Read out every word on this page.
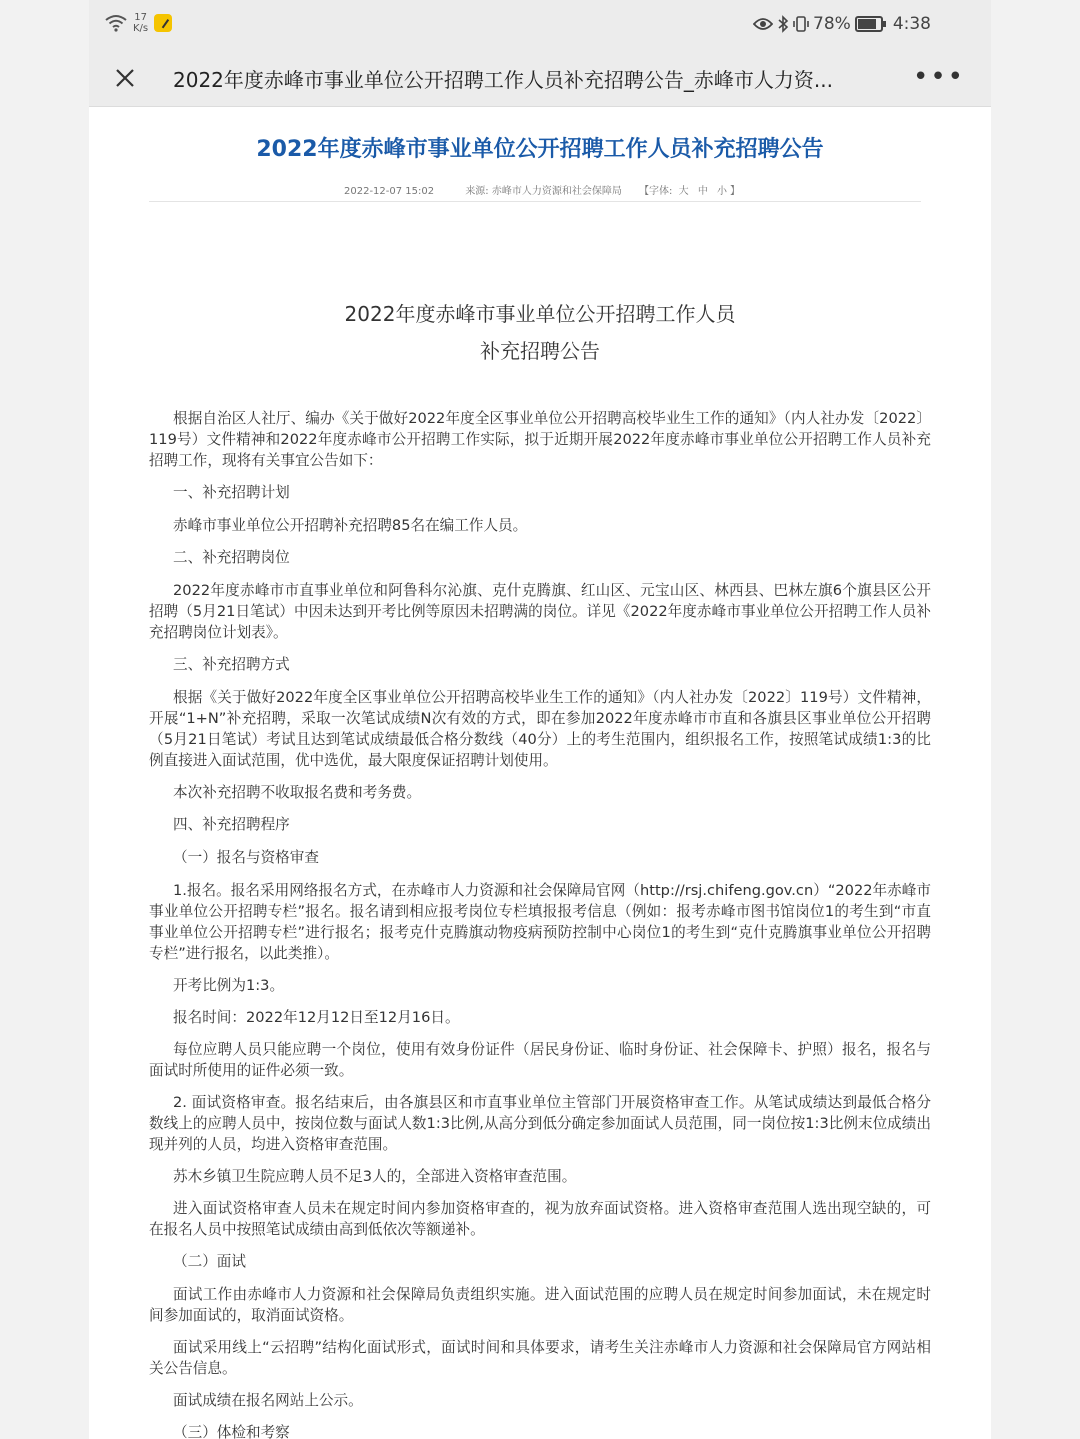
17
K/s	78% 4:38
2022年度赤峰市事业单位公开招聘工作人员补充招聘公告_赤峰市人力资...	•••
2022年度赤峰市事业单位公开招聘工作人员补充招聘公告
2022-12-07 15:02	来源: 赤峰市人力资源和社会保障局 【字体: 大 中 小 】
2022年度赤峰市事业单位公开招聘工作人员
补充招聘公告

根据自治区人社厅、编办《关于做好2022年度全区事业单位公开招聘高校毕业生工作的通知》（内人社办发〔2022〕119号）文件精神和2022年度赤峰市公开招聘工作实际，拟于近期开展2022年度赤峰市事业单位公开招聘工作人员补充招聘工作，现将有关事宜公告如下：

一、补充招聘计划

赤峰市事业单位公开招聘补充招聘85名在编工作人员。

二、补充招聘岗位

2022年度赤峰市市直事业单位和阿鲁科尔沁旗、克什克腾旗、红山区、元宝山区、林西县、巴林左旗6个旗县区公开招聘（5月21日笔试）中因未达到开考比例等原因未招聘满的岗位。详见《2022年度赤峰市事业单位公开招聘工作人员补充招聘岗位计划表》。

三、补充招聘方式

根据《关于做好2022年度全区事业单位公开招聘高校毕业生工作的通知》（内人社办发〔2022〕119号）文件精神，开展“1+N”补充招聘，采取一次笔试成绩N次有效的方式，即在参加2022年度赤峰市市直和各旗县区事业单位公开招聘（5月21日笔试）考试且达到笔试成绩最低合格分数线（40分）上的考生范围内，组织报名工作，按照笔试成绩1:3的比例直接进入面试范围，优中选优，最大限度保证招聘计划使用。

本次补充招聘不收取报名费和考务费。

四、补充招聘程序

（一）报名与资格审查

1.报名。报名采用网络报名方式，在赤峰市人力资源和社会保障局官网（http://rsj.chifeng.gov.cn）“2022年赤峰市事业单位公开招聘专栏”报名。报名请到相应报考岗位专栏填报报考信息（例如：报考赤峰市图书馆岗位1的考生到“市直事业单位公开招聘专栏”进行报名；报考克什克腾旗动物疫病预防控制中心岗位1的考生到“克什克腾旗事业单位公开招聘专栏”进行报名，以此类推）。

开考比例为1:3。

报名时间：2022年12月12日至12月16日。

每位应聘人员只能应聘一个岗位，使用有效身份证件（居民身份证、临时身份证、社会保障卡、护照）报名，报名与面试时所使用的证件必须一致。

2. 面试资格审查。报名结束后，由各旗县区和市直事业单位主管部门开展资格审查工作。从笔试成绩达到最低合格分数线上的应聘人员中，按岗位数与面试人数1:3比例,从高分到低分确定参加面试人员范围，同一岗位按1:3比例末位成绩出现并列的人员，均进入资格审查范围。

苏木乡镇卫生院应聘人员不足3人的，全部进入资格审查范围。

进入面试资格审查人员未在规定时间内参加资格审查的，视为放弃面试资格。进入资格审查范围人选出现空缺的，可在报名人员中按照笔试成绩由高到低依次等额递补。

（二）面试

面试工作由赤峰市人力资源和社会保障局负责组织实施。进入面试范围的应聘人员在规定时间参加面试，未在规定时间参加面试的，取消面试资格。

面试采用线上“云招聘”结构化面试形式，面试时间和具体要求，请考生关注赤峰市人力资源和社会保障局官方网站相关公告信息。

面试成绩在报名网站上公示。

（三）体检和考察
